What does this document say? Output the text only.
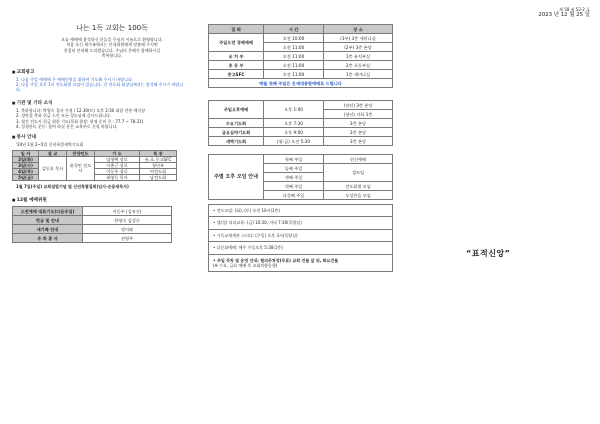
제 58 권 52-2 호
2023 년 12 월 25 일
나는 1독 교회는 100독
오늘 예배에 참석하신 분들을 주님의 이름으로 환영합니다.
처음 오신 새가족께서는 안내위원에게 말씀해 주시면
친절히 안내해 드리겠습니다. 주님의 은혜가 함께하시길
축복합니다.
■ 교회광고
1. 다음 주일 예배에 주 예배인원을 위하여 기도해 주시기 바랍니다.
2. 다음 주일 오후 1시 전도회별 모임이 있습니다. 각 전도회 회장님께서는 참석해 주시기 바랍니다.
■ 기관 및 기타 소식
1. 축하합니다: 박영숙 집사 가정 / 12.30(토) 오후 2:30 대림 진흥 예식장
2. 성탄절 축하 헌금 드린 모든 성도님께 감사드립니다.
3. 월간 전도지 헌금 위한 기도(목회 현장: 현재 준비 중 : 77.7 ~ 78.31)
4. 성경통독 운동: 참여 하실 분은 교육부로 신청 바랍니다.
■ 봉사 안내
'24년 1월 2~5일 신년특별새벽기도회
일 자	설 교	찬양인도	기 도	특 송
2일(화)	김동호 목사	윤석민 전도사	임형택 장로	유.초.중고SFC
3일(수)			이춘근 장로	청년부
4일(목)			이동주 장로	여전도회
5일(금)			최영득 목사	남전도회
1월 7일(주일) 교회설립기념 및 신년특별집회(임사-손용재목사)
■ 12월 예배위원
오전예배 대표기도(다음주일)	이동주 (김유신)
헌금 및 안내	한영숙 김성중
새가족 안내	정이와
주 차 봉 사	권영주
집 회	시 간	장 소
주일오전 경배예배	오전 10:00	(1부) 3층 세미나실
	오전 11:00	(2부) 3층 본당
유 치 부	오전 11:00	1층 유치부실
초 등 부	오전 11:00	2층 초등부실
중고SFC	오전 11:00	1층 세미나실
매월 첫째 주일은 온세대통합예배로 드립니다		
주일오후예배	오후 1:00	(장년) 3층 본당
		(청년) 지하 1층
수요기도회	오후 7:30	3층 본당
금요심야기도회	오후 9:00	3층 본당
새벽기도회	(월-금) 오전 5:30	3층 본당
주별 오후 모임 안내	첫째 주일	헌신예배
	둘째 주일	셀모임
	셋째 주일	
	넷째 주일	전도회별 모임
	다섯째 주일	오성찬을 모임
• 전도모임: (화), (토) 오전 10시(1층)
• 셀(성) 리더교육: (금) 10:30, 저녁 7:30(목양실)
• 기독교세계관 스터디: (주일) 오후 3시(목양실)
• 다문화예배: 매주 주일오후 5:30(1층)
• 주일 주차 및 운영 안내: 협의주차장(무료) 교회 건물 앞 뒤, 화요건물
(※ 수요, 금요 예배 후 교회차량운행)
“표적신앙”
